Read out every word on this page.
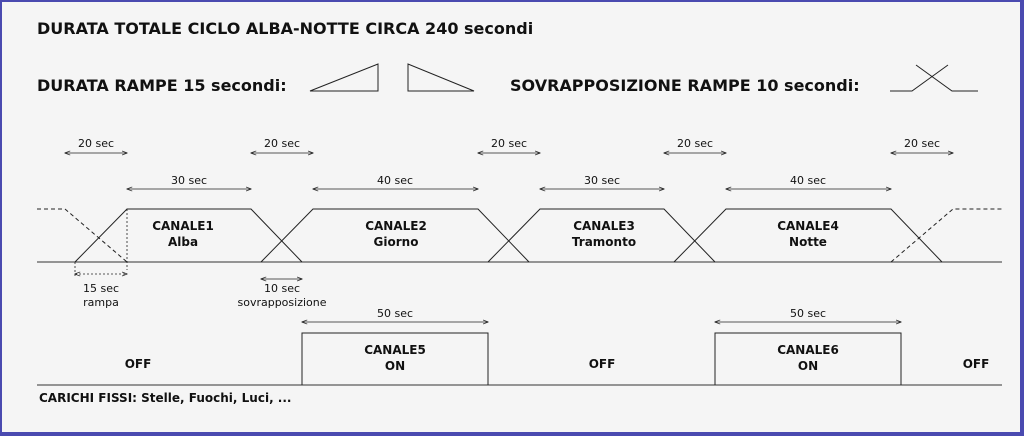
DURATA TOTALE CICLO ALBA-NOTTE CIRCA 240 secondi
DURATA RAMPE 15 secondi:	SOVRAPPOSIZIONE RAMPE 10 secondi:
20 sec	20 sec	20 sec	20 sec	20 sec
30 sec	40 sec	30 sec	40 sec
CANALE1
Alba
CANALE2
Giorno
CANALE3
Tramonto
CANALE4
Notte
15 sec
rampa
10 sec
sovrapposizione
50 sec
CANALE5
ON
50 sec
CANALE6
ON
OFF	OFF	OFF
CARICHI FISSI: Stelle, Fuochi, Luci, ...
